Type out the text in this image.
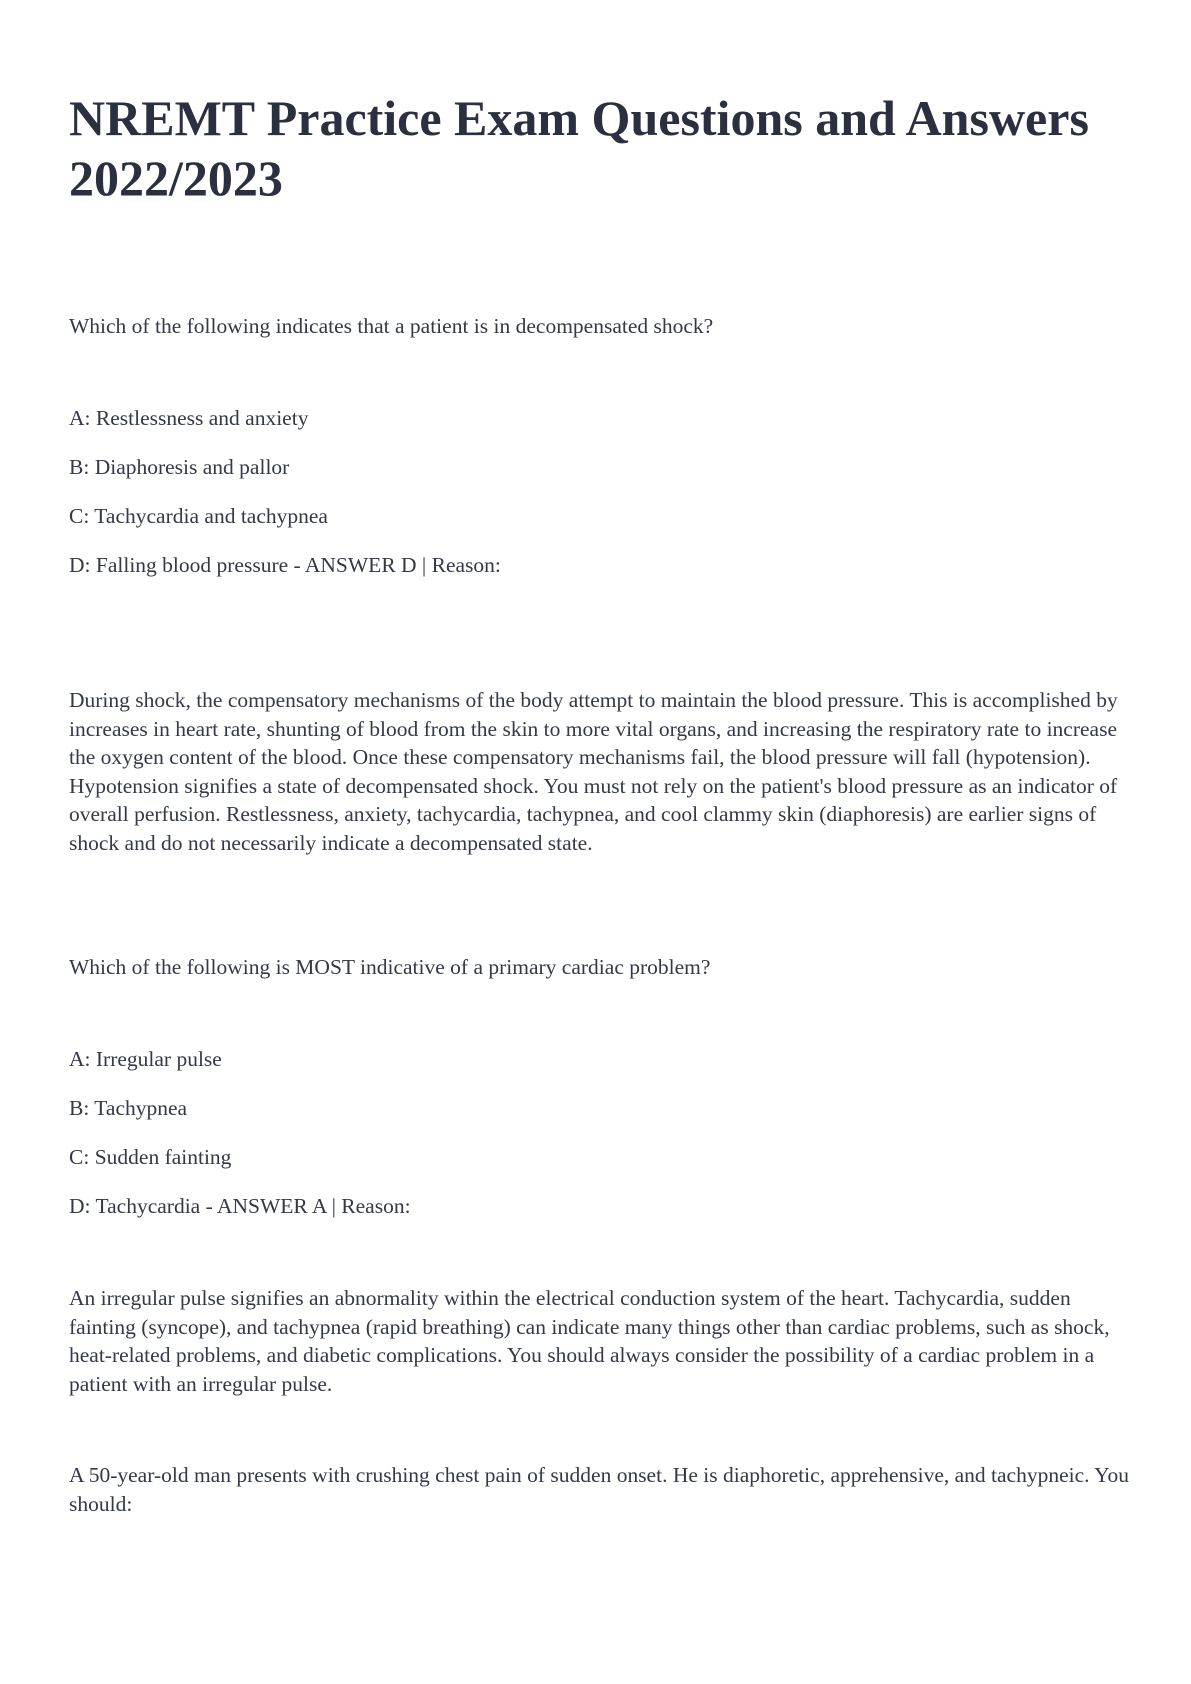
NREMT Practice Exam Questions and Answers 2022/2023

Which of the following indicates that a patient is in decompensated shock?

A: Restlessness and anxiety
B: Diaphoresis and pallor
C: Tachycardia and tachypnea
D: Falling blood pressure - ANSWER D | Reason:

During shock, the compensatory mechanisms of the body attempt to maintain the blood pressure. This is accomplished by increases in heart rate, shunting of blood from the skin to more vital organs, and increasing the respiratory rate to increase the oxygen content of the blood. Once these compensatory mechanisms fail, the blood pressure will fall (hypotension). Hypotension signifies a state of decompensated shock. You must not rely on the patient's blood pressure as an indicator of overall perfusion. Restlessness, anxiety, tachycardia, tachypnea, and cool clammy skin (diaphoresis) are earlier signs of shock and do not necessarily indicate a decompensated state.

Which of the following is MOST indicative of a primary cardiac problem?

A: Irregular pulse
B: Tachypnea
C: Sudden fainting
D: Tachycardia - ANSWER A | Reason:

An irregular pulse signifies an abnormality within the electrical conduction system of the heart. Tachycardia, sudden fainting (syncope), and tachypnea (rapid breathing) can indicate many things other than cardiac problems, such as shock, heat-related problems, and diabetic complications. You should always consider the possibility of a cardiac problem in a patient with an irregular pulse.

A 50-year-old man presents with crushing chest pain of sudden onset. He is diaphoretic, apprehensive, and tachypneic. You should:
